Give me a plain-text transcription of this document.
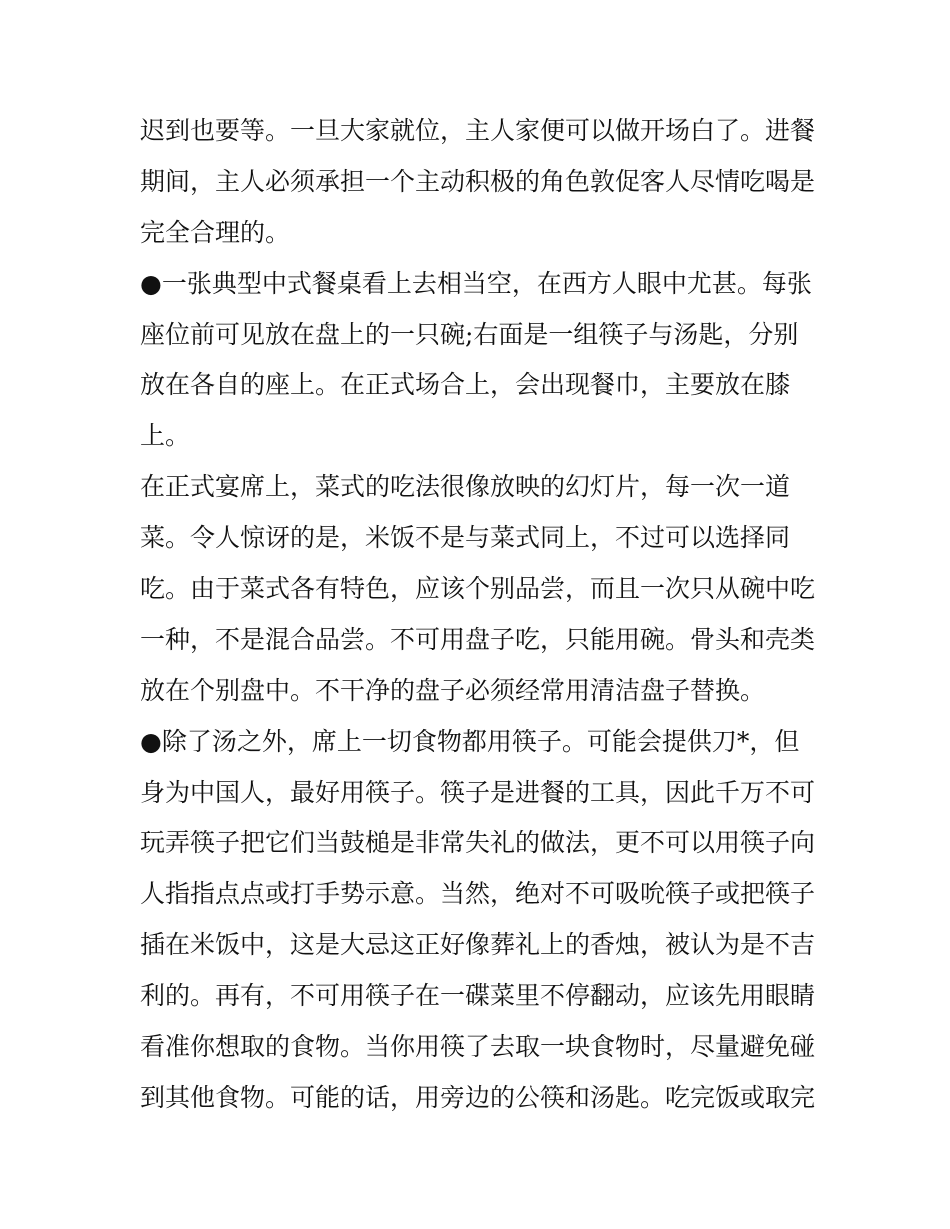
迟到也要等。一旦大家就位，主人家便可以做开场白了。进餐

期间，主人必须承担一个主动积极的角色敦促客人尽情吃喝是

完全合理的。

●一张典型中式餐桌看上去相当空，在西方人眼中尤甚。每张

座位前可见放在盘上的一只碗;右面是一组筷子与汤匙，分别

放在各自的座上。在正式场合上，会出现餐巾，主要放在膝

上。

在正式宴席上，菜式的吃法很像放映的幻灯片，每一次一道

菜。令人惊讶的是，米饭不是与菜式同上，不过可以选择同

吃。由于菜式各有特色，应该个别品尝，而且一次只从碗中吃

一种，不是混合品尝。不可用盘子吃，只能用碗。骨头和壳类

放在个别盘中。不干净的盘子必须经常用清洁盘子替换。

●除了汤之外，席上一切食物都用筷子。可能会提供刀*，但

身为中国人，最好用筷子。筷子是进餐的工具，因此千万不可

玩弄筷子把它们当鼓槌是非常失礼的做法，更不可以用筷子向

人指指点点或打手势示意。当然，绝对不可吸吮筷子或把筷子

插在米饭中，这是大忌这正好像葬礼上的香烛，被认为是不吉

利的。再有，不可用筷子在一碟菜里不停翻动，应该先用眼睛

看准你想取的食物。当你用筷了去取一块食物时，尽量避免碰

到其他食物。可能的话，用旁边的公筷和汤匙。吃完饭或取完
